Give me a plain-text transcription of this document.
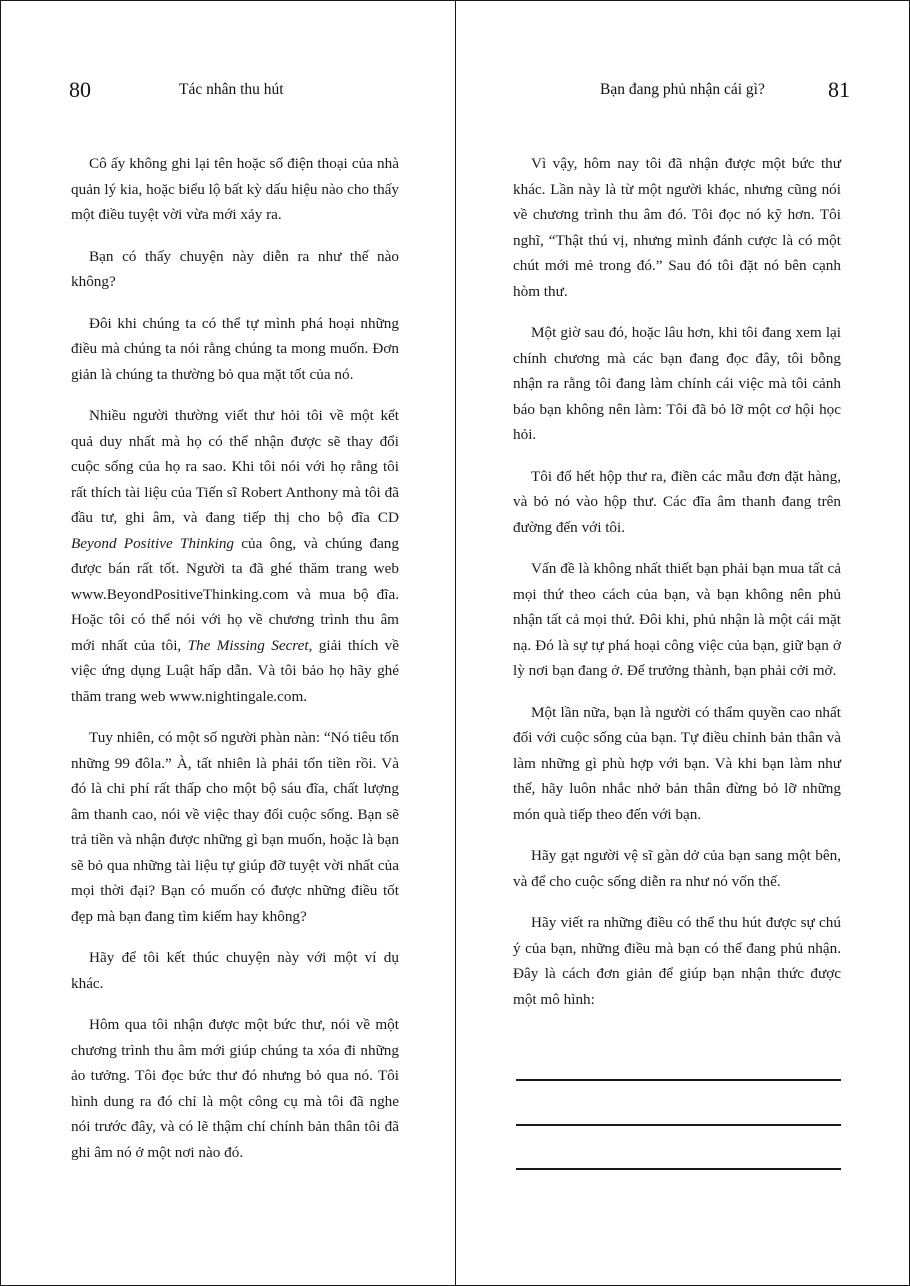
80	Tác nhân thu hút

Cô ấy không ghi lại tên hoặc số điện thoại của nhà quản lý kia, hoặc biểu lộ bất kỳ dấu hiệu nào cho thấy một điều tuyệt vời vừa mới xảy ra.

Bạn có thấy chuyện này diễn ra như thế nào không?

Đôi khi chúng ta có thể tự mình phá hoại những điều mà chúng ta nói rằng chúng ta mong muốn. Đơn giản là chúng ta thường bỏ qua mặt tốt của nó.

Nhiều người thường viết thư hỏi tôi về một kết quả duy nhất mà họ có thể nhận được sẽ thay đổi cuộc sống của họ ra sao. Khi tôi nói với họ rằng tôi rất thích tài liệu của Tiến sĩ Robert Anthony mà tôi đã đầu tư, ghi âm, và đang tiếp thị cho bộ đĩa CD Beyond Positive Thinking của ông, và chúng đang được bán rất tốt. Người ta đã ghé thăm trang web www.BeyondPositiveThinking.com và mua bộ đĩa. Hoặc tôi có thể nói với họ về chương trình thu âm mới nhất của tôi, The Missing Secret, giải thích về việc ứng dụng Luật hấp dẫn. Và tôi bảo họ hãy ghé thăm trang web www.nightingale.com.

Tuy nhiên, có một số người phàn nàn: “Nó tiêu tốn những 99 đôla.” À, tất nhiên là phải tốn tiền rồi. Và đó là chi phí rất thấp cho một bộ sáu đĩa, chất lượng âm thanh cao, nói về việc thay đổi cuộc sống. Bạn sẽ trả tiền và nhận được những gì bạn muốn, hoặc là bạn sẽ bỏ qua những tài liệu tự giúp đỡ tuyệt vời nhất của mọi thời đại? Bạn có muốn có được những điều tốt đẹp mà bạn đang tìm kiếm hay không?

Hãy để tôi kết thúc chuyện này với một ví dụ khác.

Hôm qua tôi nhận được một bức thư, nói về một chương trình thu âm mới giúp chúng ta xóa đi những ảo tưởng. Tôi đọc bức thư đó nhưng bỏ qua nó. Tôi hình dung ra đó chỉ là một công cụ mà tôi đã nghe nói trước đây, và có lẽ thậm chí chính bản thân tôi đã ghi âm nó ở một nơi nào đó.

Bạn đang phủ nhận cái gì?	81

Vì vậy, hôm nay tôi đã nhận được một bức thư khác. Lần này là từ một người khác, nhưng cũng nói về chương trình thu âm đó. Tôi đọc nó kỹ hơn. Tôi nghĩ, “Thật thú vị, nhưng mình đánh cược là có một chút mới mẻ trong đó.” Sau đó tôi đặt nó bên cạnh hòm thư.

Một giờ sau đó, hoặc lâu hơn, khi tôi đang xem lại chính chương mà các bạn đang đọc đây, tôi bỗng nhận ra rằng tôi đang làm chính cái việc mà tôi cảnh báo bạn không nên làm: Tôi đã bỏ lỡ một cơ hội học hỏi.

Tôi đổ hết hộp thư ra, điền các mẫu đơn đặt hàng, và bỏ nó vào hộp thư. Các đĩa âm thanh đang trên đường đến với tôi.

Vấn đề là không nhất thiết bạn phải bạn mua tất cả mọi thứ theo cách của bạn, và bạn không nên phủ nhận tất cả mọi thứ. Đôi khi, phủ nhận là một cái mặt nạ. Đó là sự tự phá hoại công việc của bạn, giữ bạn ở lỳ nơi bạn đang ở. Để trưởng thành, bạn phải cởi mở.

Một lần nữa, bạn là người có thẩm quyền cao nhất đối với cuộc sống của bạn. Tự điều chỉnh bản thân và làm những gì phù hợp với bạn. Và khi bạn làm như thế, hãy luôn nhắc nhở bản thân đừng bỏ lỡ những món quà tiếp theo đến với bạn.

Hãy gạt người vệ sĩ gàn dở của bạn sang một bên, và để cho cuộc sống diễn ra như nó vốn thế.

Hãy viết ra những điều có thể thu hút được sự chú ý của bạn, những điều mà bạn có thể đang phủ nhận. Đây là cách đơn giản để giúp bạn nhận thức được một mô hình:
